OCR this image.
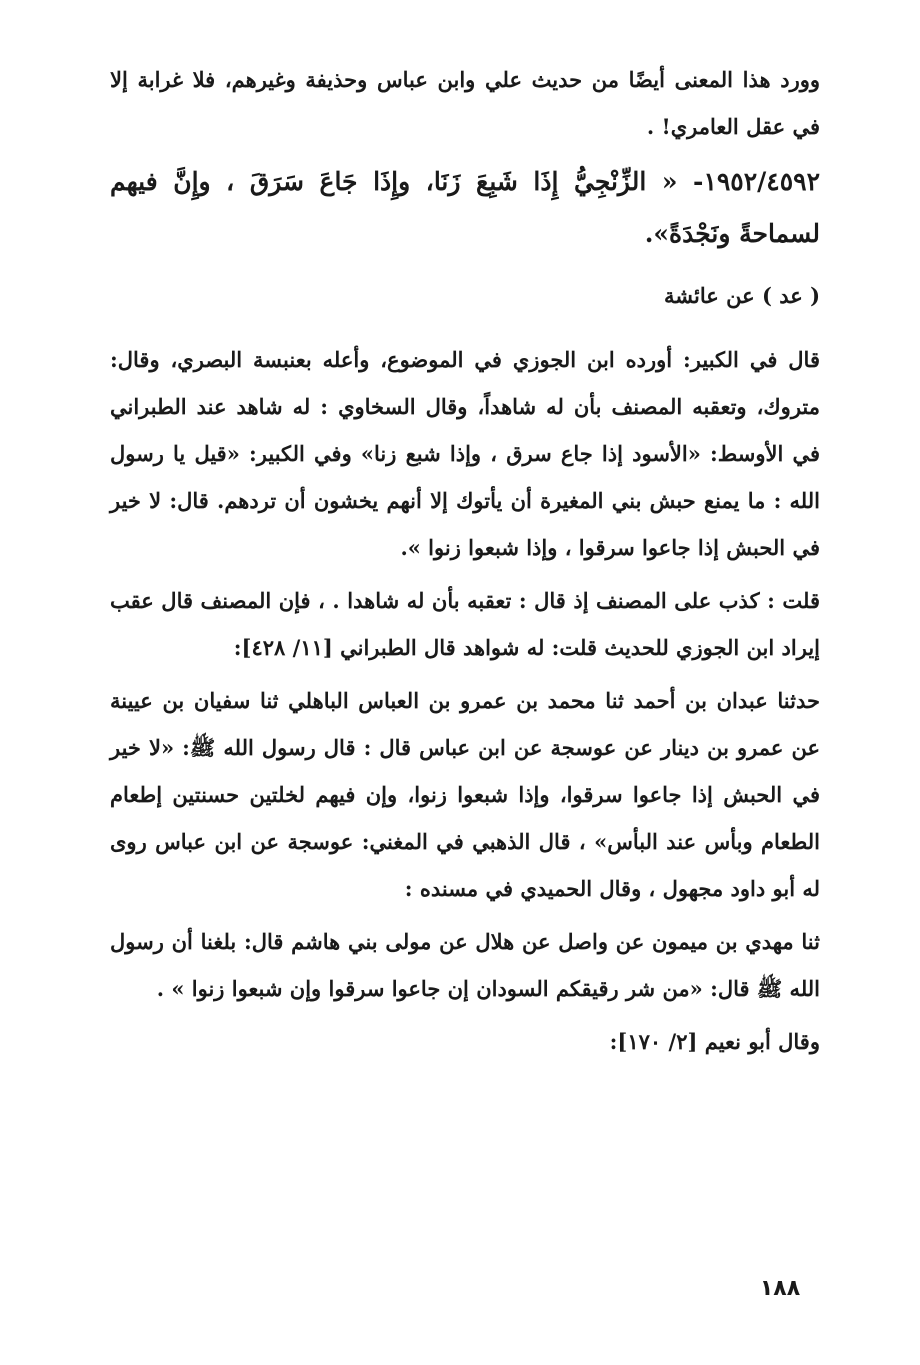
وورد هذا المعنى أيضًا من حديث علي وابن عباس وحذيفة وغيرهم، فلا غرابة إلا في عقل العامري! .

١٩٥٢/٤٥٩٢- « الزِّنْجِيُّ إِذَا شَبِعَ زَنَا، وإِذَا جَاعَ سَرَقَ ، وإِنَّ فيهم لسماحةً ونَجْدَةً».

( عد ) عن عائشة

قال في الكبير: أورده ابن الجوزي في الموضوع، وأعله بعنبسة البصري، وقال: متروك، وتعقبه المصنف بأن له شاهداً، وقال السخاوي : له شاهد عند الطبراني في الأوسط: «الأسود إذا جاع سرق ، وإذا شبع زنا» وفي الكبير: «قيل يا رسول الله : ما يمنع حبش بني المغيرة أن يأتوك إلا أنهم يخشون أن تردهم. قال: لا خير في الحبش إذا جاعوا سرقوا ، وإذا شبعوا زنوا ».

قلت : كذب على المصنف إذ قال : تعقبه بأن له شاهدا . ، فإن المصنف قال عقب إيراد ابن الجوزي للحديث قلت: له شواهد قال الطبراني [١١/ ٤٢٨]:

حدثنا عبدان بن أحمد ثنا محمد بن عمرو بن العباس الباهلي ثنا سفيان بن عيينة عن عمرو بن دينار عن عوسجة عن ابن عباس قال : قال رسول الله ﷺ: «لا خير في الحبش إذا جاعوا سرقوا، وإذا شبعوا زنوا، وإن فيهم لخلتين حسنتين إطعام الطعام وبأس عند البأس» ، قال الذهبي في المغني: عوسجة عن ابن عباس روى له أبو داود مجهول ، وقال الحميدي في مسنده :

ثنا مهدي بن ميمون عن واصل عن هلال عن مولى بني هاشم قال: بلغنا أن رسول الله ﷺ قال: «من شر رقيقكم السودان إن جاعوا سرقوا وإن شبعوا زنوا » .

وقال أبو نعيم [٢/ ١٧٠]:

١٨٨
